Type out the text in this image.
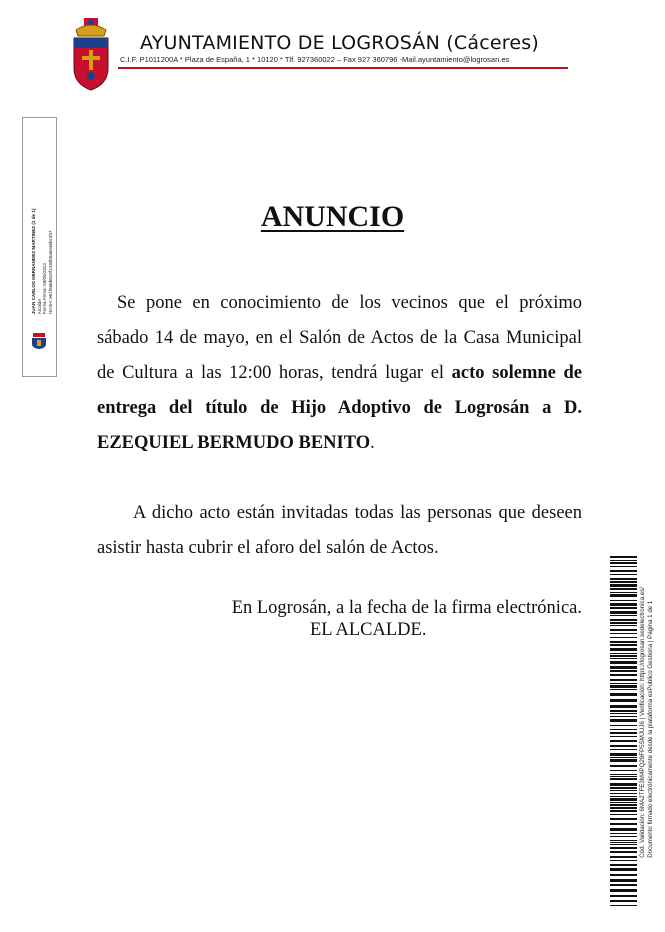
AYUNTAMIENTO DE LOGROSÁN (Cáceres)
C.I.F. P1011200A * Plaza de España, 1 * 10120 * Tlf. 927360022 – Fax 927 360796 -Mail.ayuntamiento@logrosan.es
JUAN CARLOS HERNANDEZ MARTINEZ (1 de 1) Alcalde Fecha Firma: 09/05/2022 HASH: 961f6a6b8c9f1430b5a6ea5bcd37
ANUNCIO
Se pone en conocimiento de los vecinos que el próximo sábado 14 de mayo, en el Salón de Actos de la Casa Municipal de Cultura a las 12:00 horas, tendrá lugar el acto solemne de entrega del título de Hijo Adoptivo de Logrosán a D. EZEQUIEL BERMUDO BENITO.
A dicho acto están invitadas todas las personas que deseen asistir hasta cubrir el aforo del salón de Actos.
En Logrosán, a la fecha de la firma electrónica.
EL ALCALDE.	Cód. Validación: 6MA2TFE3M4PQ29FP5SMJUJ6 | Verificación: https://logrosan.sedelectronica.es/ Documento firmado electrónicamente desde la plataforma esPublico Gestiona | Página 1 de 1
